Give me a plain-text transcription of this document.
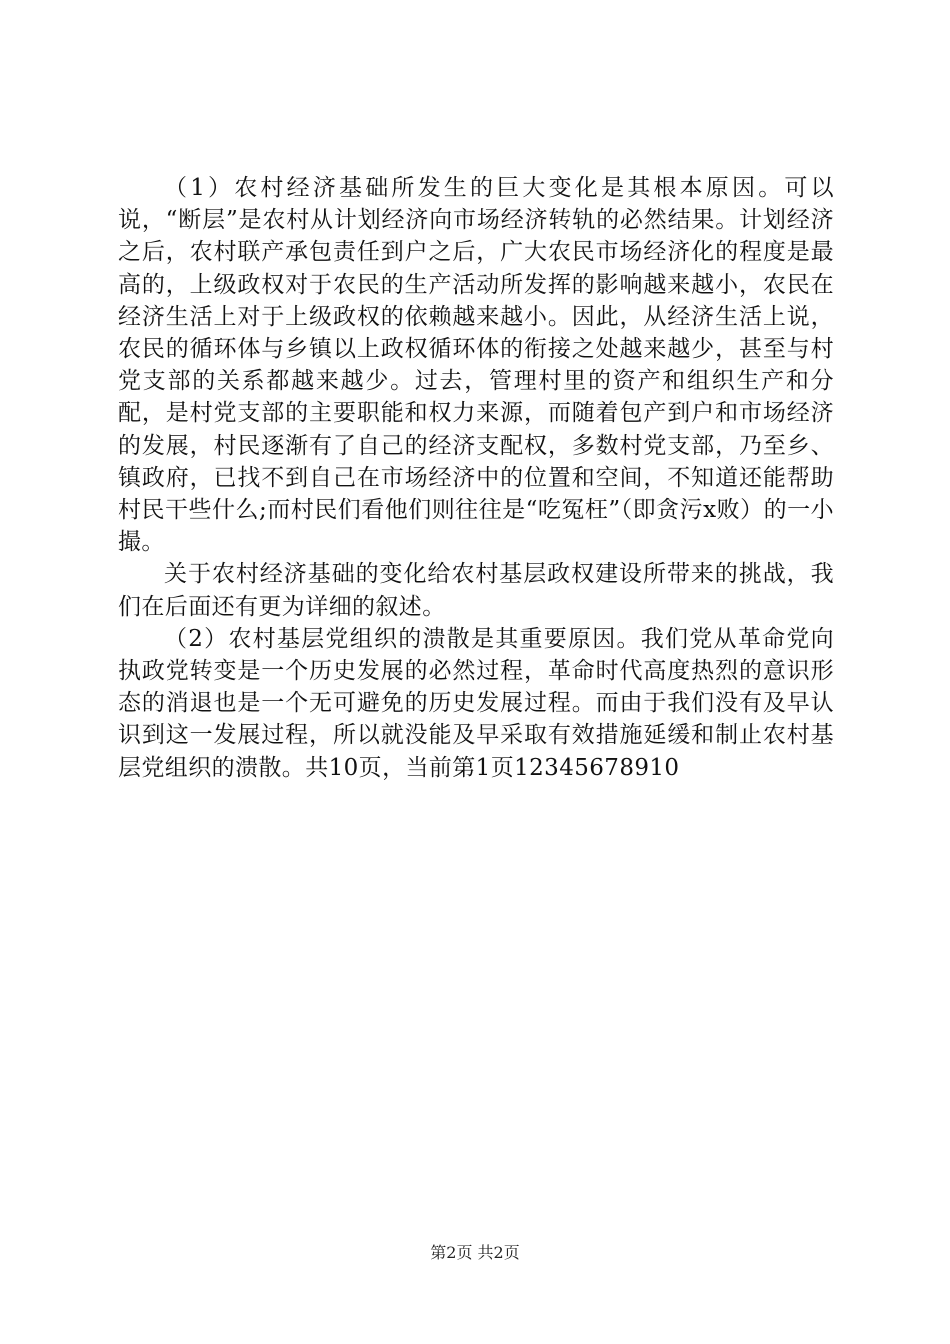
（1）农村经济基础所发生的巨大变化是其根本原因。可以说，“断层”是农村从计划经济向市场经济转轨的必然结果。计划经济之后，农村联产承包责任到户之后，广大农民市场经济化的程度是最高的，上级政权对于农民的生产活动所发挥的影响越来越小，农民在经济生活上对于上级政权的依赖越来越小。因此，从经济生活上说，农民的循环体与乡镇以上政权循环体的衔接之处越来越少，甚至与村党支部的关系都越来越少。过去，管理村里的资产和组织生产和分配，是村党支部的主要职能和权力来源，而随着包产到户和市场经济的发展，村民逐渐有了自己的经济支配权，多数村党支部，乃至乡、镇政府，已找不到自己在市场经济中的位置和空间，不知道还能帮助村民干些什么;而村民们看他们则往往是“吃冤枉”（即贪污x败）的一小撮。

关于农村经济基础的变化给农村基层政权建设所带来的挑战，我们在后面还有更为详细的叙述。

（2）农村基层党组织的溃散是其重要原因。我们党从革命党向执政党转变是一个历史发展的必然过程，革命时代高度热烈的意识形态的消退也是一个无可避免的历史发展过程。而由于我们没有及早认识到这一发展过程，所以就没能及早采取有效措施延缓和制止农村基层党组织的溃散。共10页，当前第1页12345678910

第2页 共2页
